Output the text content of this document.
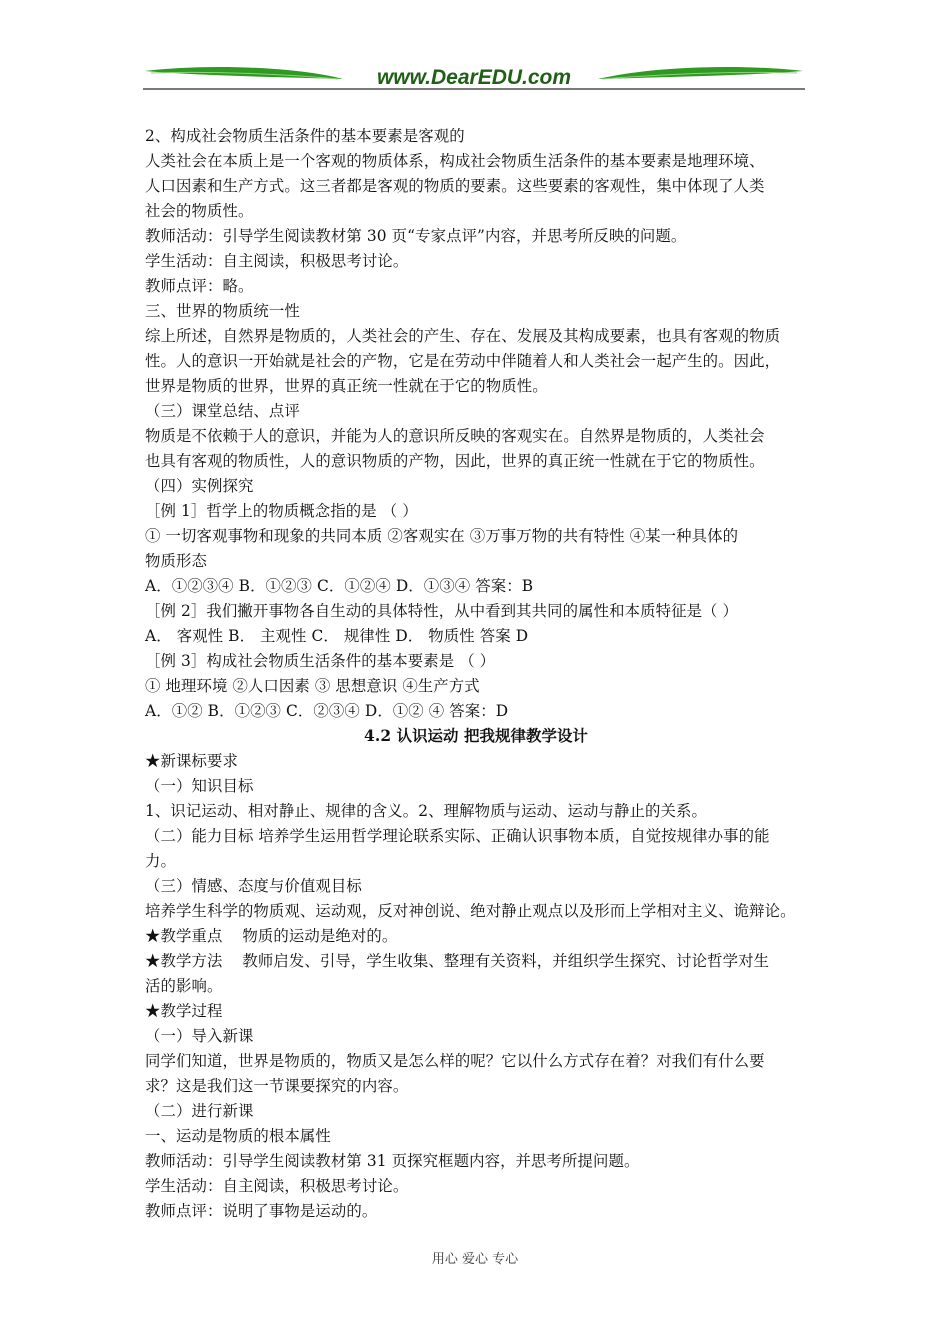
www.DearEDU.com
2、构成社会物质生活条件的基本要素是客观的
人类社会在本质上是一个客观的物质体系，构成社会物质生活条件的基本要素是地理环境、
人口因素和生产方式。这三者都是客观的物质的要素。这些要素的客观性，集中体现了人类
社会的物质性。
教师活动：引导学生阅读教材第 30 页“专家点评”内容，并思考所反映的问题。
学生活动：自主阅读，积极思考讨论。
教师点评：略。
三、世界的物质统一性
综上所述，自然界是物质的，人类社会的产生、存在、发展及其构成要素，也具有客观的物质
性。人的意识一开始就是社会的产物，它是在劳动中伴随着人和人类社会一起产生的。因此，
世界是物质的世界，世界的真正统一性就在于它的物质性。
（三）课堂总结、点评
物质是不依赖于人的意识，并能为人的意识所反映的客观实在。自然界是物质的，人类社会
也具有客观的物质性，人的意识物质的产物，因此，世界的真正统一性就在于它的物质性。
（四）实例探究
［例 1］哲学上的物质概念指的是 （ ）
① 一切客观事物和现象的共同本质 ②客观实在 ③万事万物的共有特性 ④某一种具体的
物质形态
A．①②③④ B．①②③ C．①②④ D．①③④ 答案：B
［例 2］我们撇开事物各自生动的具体特性，从中看到其共同的属性和本质特征是（ ）
A． 客观性 B． 主观性 C． 规律性 D． 物质性 答案 D
［例 3］构成社会物质生活条件的基本要素是 （ ）
① 地理环境 ②人口因素 ③ 思想意识 ④生产方式
A．①② B．①②③ C．②③④ D．①② ④ 答案：D
4.2 认识运动 把我规律教学设计
★新课标要求
（一）知识目标
1、识记运动、相对静止、规律的含义。2、理解物质与运动、运动与静止的关系。
（二）能力目标 培养学生运用哲学理论联系实际、正确认识事物本质，自觉按规律办事的能
力。
（三）情感、态度与价值观目标
培养学生科学的物质观、运动观，反对神创说、绝对静止观点以及形而上学相对主义、诡辩论。
★教学重点    物质的运动是绝对的。
★教学方法    教师启发、引导，学生收集、整理有关资料，并组织学生探究、讨论哲学对生
活的影响。
★教学过程
（一）导入新课
同学们知道，世界是物质的，物质又是怎么样的呢？它以什么方式存在着？对我们有什么要
求？这是我们这一节课要探究的内容。
（二）进行新课
一、运动是物质的根本属性
教师活动：引导学生阅读教材第 31 页探究框题内容，并思考所提问题。
学生活动：自主阅读，积极思考讨论。
教师点评：说明了事物是运动的。
用心 爱心 专心
